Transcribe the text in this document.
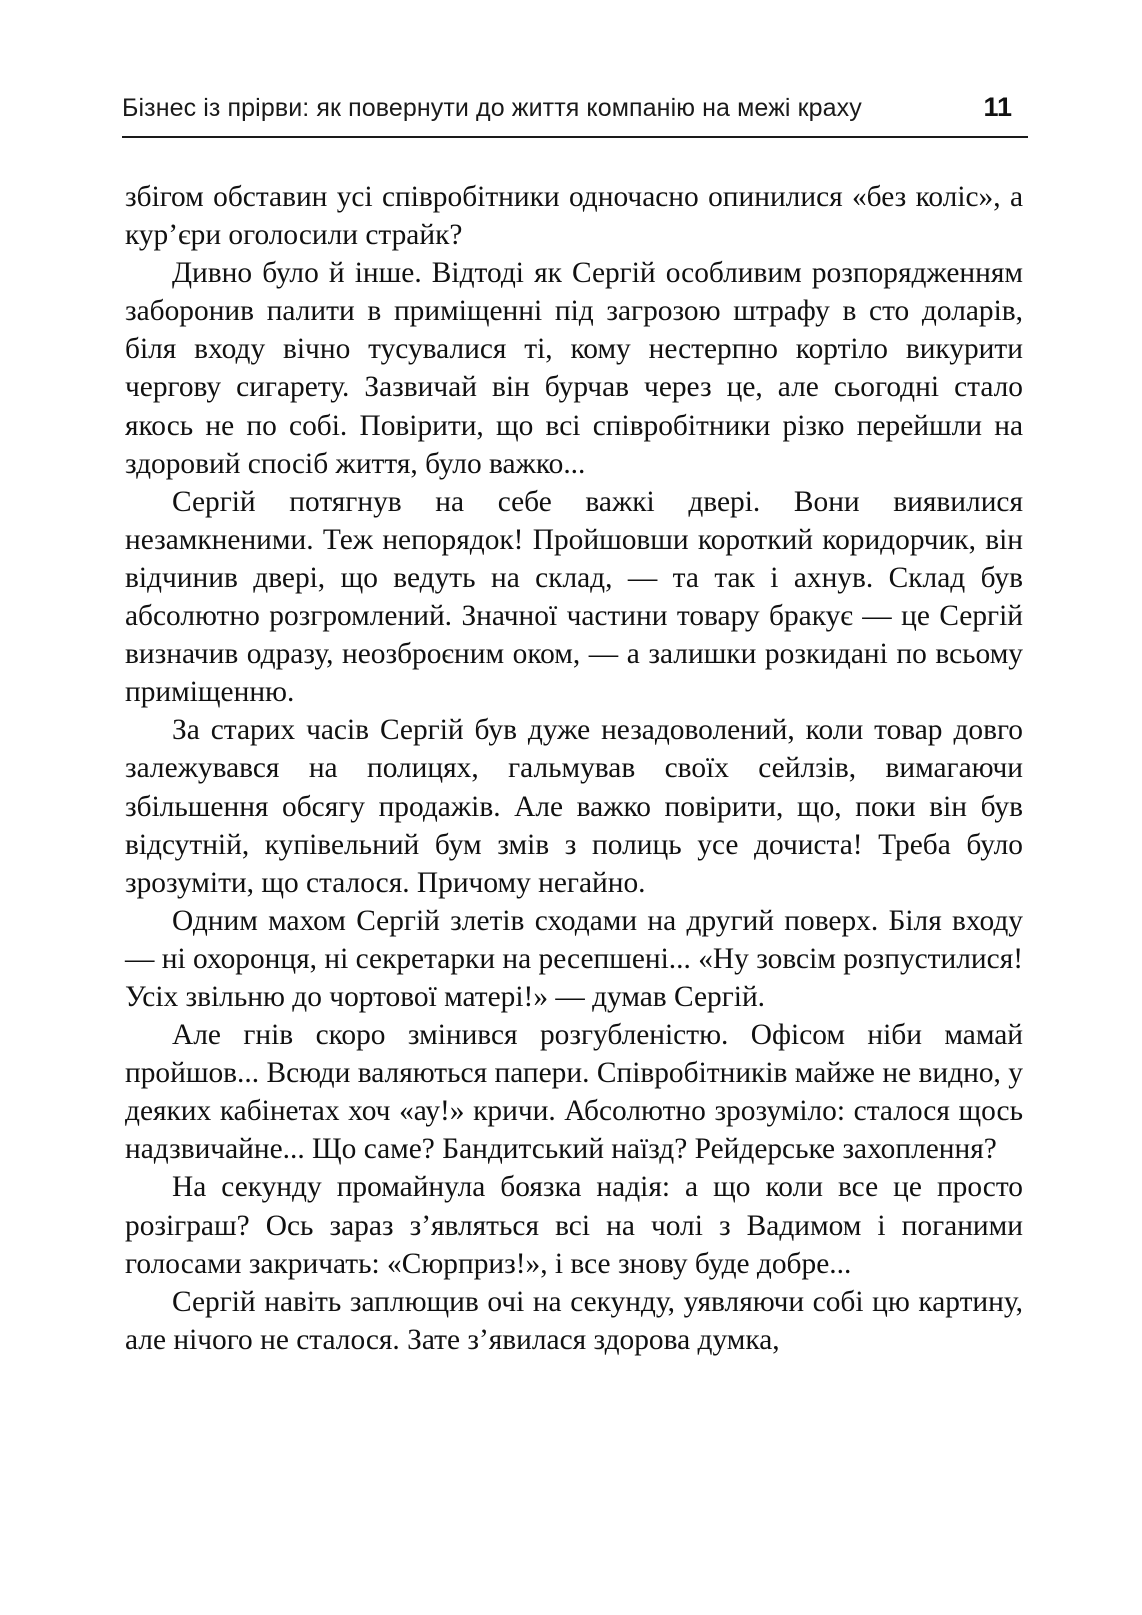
Бізнес із прірви: як повернути до життя компанію на межі краху	11

збігом обставин усі співробітники одночасно опинилися «без коліс», а кур’єри оголосили страйк?

Дивно було й інше. Відтоді як Сергій особливим розпорядженням заборонив палити в приміщенні під загрозою штрафу в сто доларів, біля входу вічно тусувалися ті, кому нестерпно кортіло викурити чергову сигарету. Зазвичай він бурчав через це, але сьогодні стало якось не по собі. Повірити, що всі співробітники різко перейшли на здоровий спосіб життя, було важко...

Сергій потягнув на себе важкі двері. Вони виявилися незамкненими. Теж непорядок! Пройшовши короткий коридорчик, він відчинив двері, що ведуть на склад, — та так і ахнув. Склад був абсолютно розгромлений. Значної частини товару бракує — це Сергій визначив одразу, неозброєним оком, — а залишки розкидані по всьому приміщенню.

За старих часів Сергій був дуже незадоволений, коли товар довго залежувався на полицях, гальмував своїх сейлзів, вимагаючи збільшення обсягу продажів. Але важко повірити, що, поки він був відсутній, купівельний бум змів з полиць усе дочиста! Треба було зрозуміти, що сталося. Причому негайно.

Одним махом Сергій злетів сходами на другий поверх. Біля входу — ні охоронця, ні секретарки на ресепшені... «Ну зовсім розпустилися! Усіх звільню до чортової матері!» — думав Сергій.

Але гнів скоро змінився розгубленістю. Офісом ніби мамай пройшов... Всюди валяються папери. Співробітників майже не видно, у деяких кабінетах хоч «ау!» кричи. Абсолютно зрозуміло: сталося щось надзвичайне... Що саме? Бандитський наїзд? Рейдерське захоплення?

На секунду промайнула боязка надія: а що коли все це просто розіграш? Ось зараз з’являться всі на чолі з Вадимом і поганими голосами закричать: «Сюрприз!», і все знову буде добре...

Сергій навіть заплющив очі на секунду, уявляючи собі цю картину, але нічого не сталося. Зате з’явилася здорова думка,
